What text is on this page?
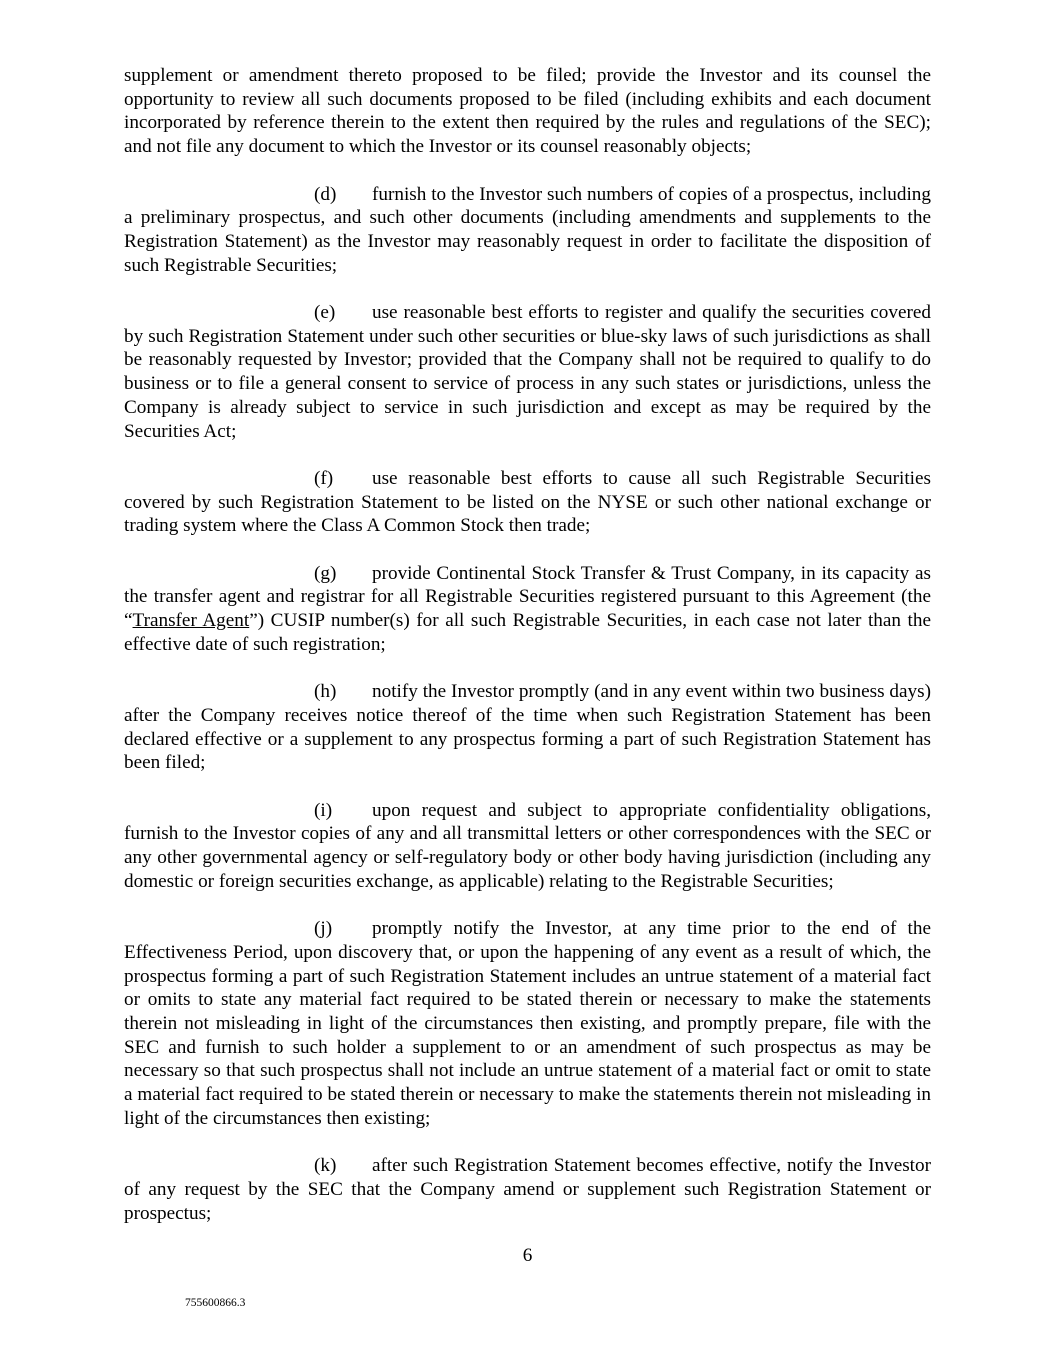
supplement or amendment thereto proposed to be filed; provide the Investor and its counsel the opportunity to review all such documents proposed to be filed (including exhibits and each document incorporated by reference therein to the extent then required by the rules and regulations of the SEC); and not file any document to which the Investor or its counsel reasonably objects;

(d) furnish to the Investor such numbers of copies of a prospectus, including a preliminary prospectus, and such other documents (including amendments and supplements to the Registration Statement) as the Investor may reasonably request in order to facilitate the disposition of such Registrable Securities;

(e) use reasonable best efforts to register and qualify the securities covered by such Registration Statement under such other securities or blue-sky laws of such jurisdictions as shall be reasonably requested by Investor; provided that the Company shall not be required to qualify to do business or to file a general consent to service of process in any such states or jurisdictions, unless the Company is already subject to service in such jurisdiction and except as may be required by the Securities Act;

(f) use reasonable best efforts to cause all such Registrable Securities covered by such Registration Statement to be listed on the NYSE or such other national exchange or trading system where the Class A Common Stock then trade;

(g) provide Continental Stock Transfer & Trust Company, in its capacity as the transfer agent and registrar for all Registrable Securities registered pursuant to this Agreement (the “Transfer Agent”) CUSIP number(s) for all such Registrable Securities, in each case not later than the effective date of such registration;

(h) notify the Investor promptly (and in any event within two business days) after the Company receives notice thereof of the time when such Registration Statement has been declared effective or a supplement to any prospectus forming a part of such Registration Statement has been filed;

(i) upon request and subject to appropriate confidentiality obligations, furnish to the Investor copies of any and all transmittal letters or other correspondences with the SEC or any other governmental agency or self-regulatory body or other body having jurisdiction (including any domestic or foreign securities exchange, as applicable) relating to the Registrable Securities;

(j) promptly notify the Investor, at any time prior to the end of the Effectiveness Period, upon discovery that, or upon the happening of any event as a result of which, the prospectus forming a part of such Registration Statement includes an untrue statement of a material fact or omits to state any material fact required to be stated therein or necessary to make the statements therein not misleading in light of the circumstances then existing, and promptly prepare, file with the SEC and furnish to such holder a supplement to or an amendment of such prospectus as may be necessary so that such prospectus shall not include an untrue statement of a material fact or omit to state a material fact required to be stated therein or necessary to make the statements therein not misleading in light of the circumstances then existing;

(k) after such Registration Statement becomes effective, notify the Investor of any request by the SEC that the Company amend or supplement such Registration Statement or prospectus;

6
755600866.3
